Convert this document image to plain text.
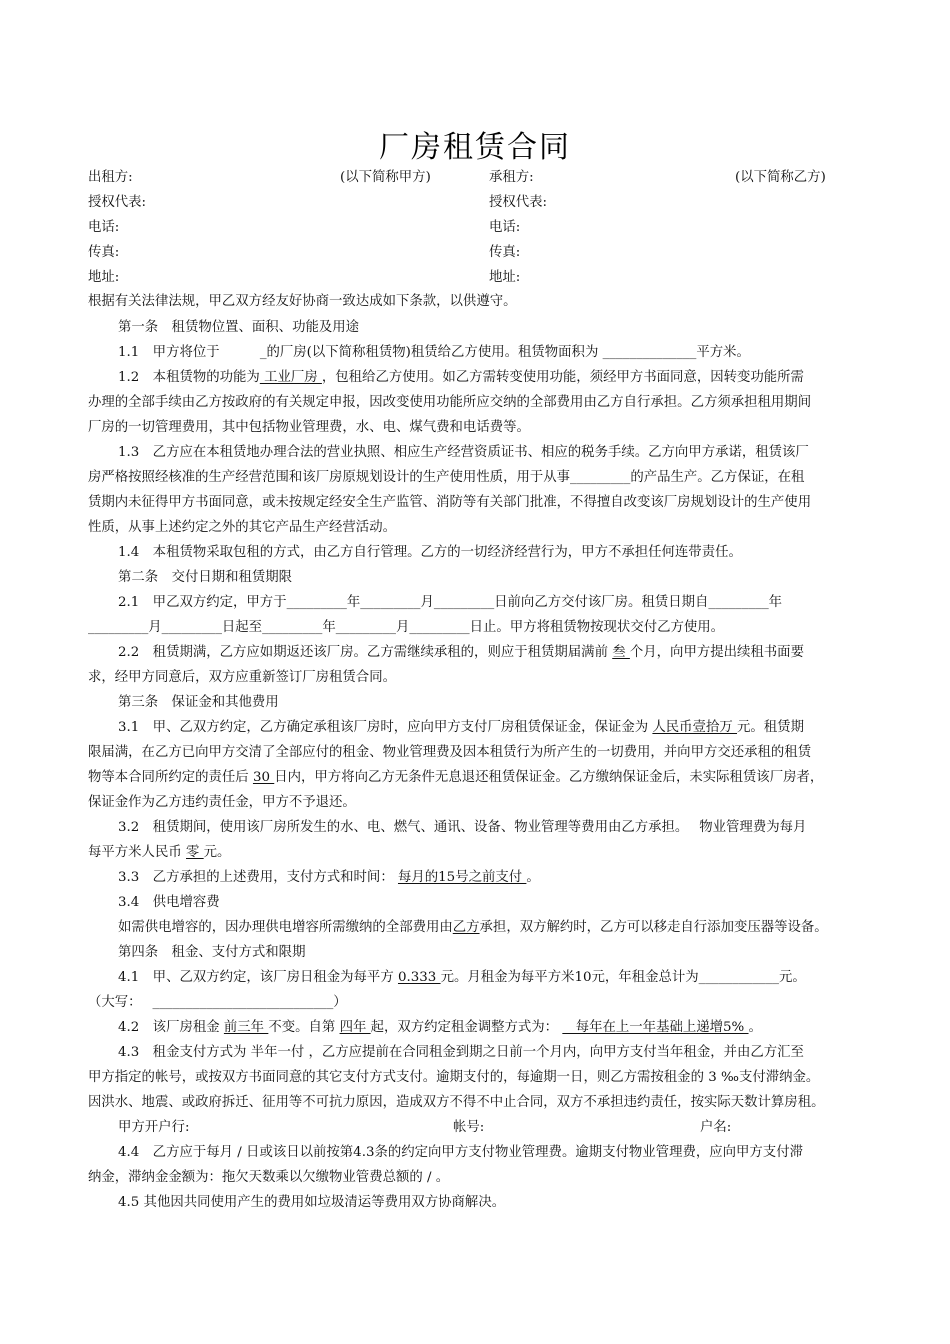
厂房租赁合同
出租方:	(以下简称甲方)	承租方:	(以下简称乙方)
授权代表:	授权代表:
电话:	电话:
传真:	传真:
地址:	地址:
根据有关法律法规，甲乙双方经友好协商一致达成如下条款，以供遵守。
第一条　租赁物位置、面积、功能及用途
1.1　甲方将位于　　　_的厂房(以下简称租赁物)租赁给乙方使用。租赁物面积为 ______________平方米。
1.2　本租赁物的功能为 工业厂房 ，包租给乙方使用。如乙方需转变使用功能，须经甲方书面同意，因转变功能所需
办理的全部手续由乙方按政府的有关规定申报，因改变使用功能所应交纳的全部费用由乙方自行承担。乙方须承担租用期间
厂房的一切管理费用，其中包括物业管理费，水、电、煤气费和电话费等。
1.3　乙方应在本租赁地办理合法的营业执照、相应生产经营资质证书、相应的税务手续。乙方向甲方承诺，租赁该厂
房严格按照经核准的生产经营范围和该厂房原规划设计的生产使用性质，用于从事_________的产品生产。乙方保证，在租
赁期内未征得甲方书面同意，或未按规定经安全生产监管、消防等有关部门批准，不得擅自改变该厂房规划设计的生产使用
性质，从事上述约定之外的其它产品生产经营活动。
1.4　本租赁物采取包租的方式，由乙方自行管理。乙方的一切经济经营行为，甲方不承担任何连带责任。
第二条　交付日期和租赁期限
2.1　甲乙双方约定，甲方于_________年_________月_________日前向乙方交付该厂房。租赁日期自_________年
_________月_________日起至_________年_________月_________日止。甲方将租赁物按现状交付乙方使用。
2.2　租赁期满，乙方应如期返还该厂房。乙方需继续承租的，则应于租赁期届满前 叁 个月，向甲方提出续租书面要
求，经甲方同意后，双方应重新签订厂房租赁合同。
第三条　保证金和其他费用
3.1　甲、乙双方约定，乙方确定承租该厂房时，应向甲方支付厂房租赁保证金，保证金为 人民币壹拾万 元。租赁期
限届满，在乙方已向甲方交清了全部应付的租金、物业管理费及因本租赁行为所产生的一切费用，并向甲方交还承租的租赁
物等本合同所约定的责任后 30 日内，甲方将向乙方无条件无息退还租赁保证金。乙方缴纳保证金后，未实际租赁该厂房者，
保证金作为乙方违约责任金，甲方不予退还。
3.2　租赁期间，使用该厂房所发生的水、电、燃气、通讯、设备、物业管理等费用由乙方承担。　 物业管理费为每月
每平方米人民币 零 元。
3.3　乙方承担的上述费用，支付方式和时间： 每月的15号之前支付 。
3.4　供电增容费
如需供电增容的，因办理供电增容所需缴纳的全部费用由乙方承担，双方解约时，乙方可以移走自行添加变压器等设备。
第四条　租金、支付方式和限期
4.1　甲、乙双方约定，该厂房日租金为每平方 0.333 元。月租金为每平方米10元，年租金总计为____________元。
（大写：　 ___________________________）
4.2　该厂房租金 前三年 不变。自第 四年 起，双方约定租金调整方式为： 　每年在上一年基础上递增5% 。
4.3　租金支付方式为 半年一付 ，乙方应提前在合同租金到期之日前一个月内，向甲方支付当年租金，并由乙方汇至
甲方指定的帐号，或按双方书面同意的其它支付方式支付。逾期支付的，每逾期一日，则乙方需按租金的 3 ‰支付滞纳金。
因洪水、地震、或政府拆迁、征用等不可抗力原因，造成双方不得不中止合同，双方不承担违约责任，按实际天数计算房租。
甲方开户行:	帐号:	户名:
4.4　乙方应于每月 / 日或该日以前按第4.3条的约定向甲方支付物业管理费。逾期支付物业管理费，应向甲方支付滞
纳金，滞纳金金额为：拖欠天数乘以欠缴物业管费总额的 / 。
4.5 其他因共同使用产生的费用如垃圾清运等费用双方协商解决。
